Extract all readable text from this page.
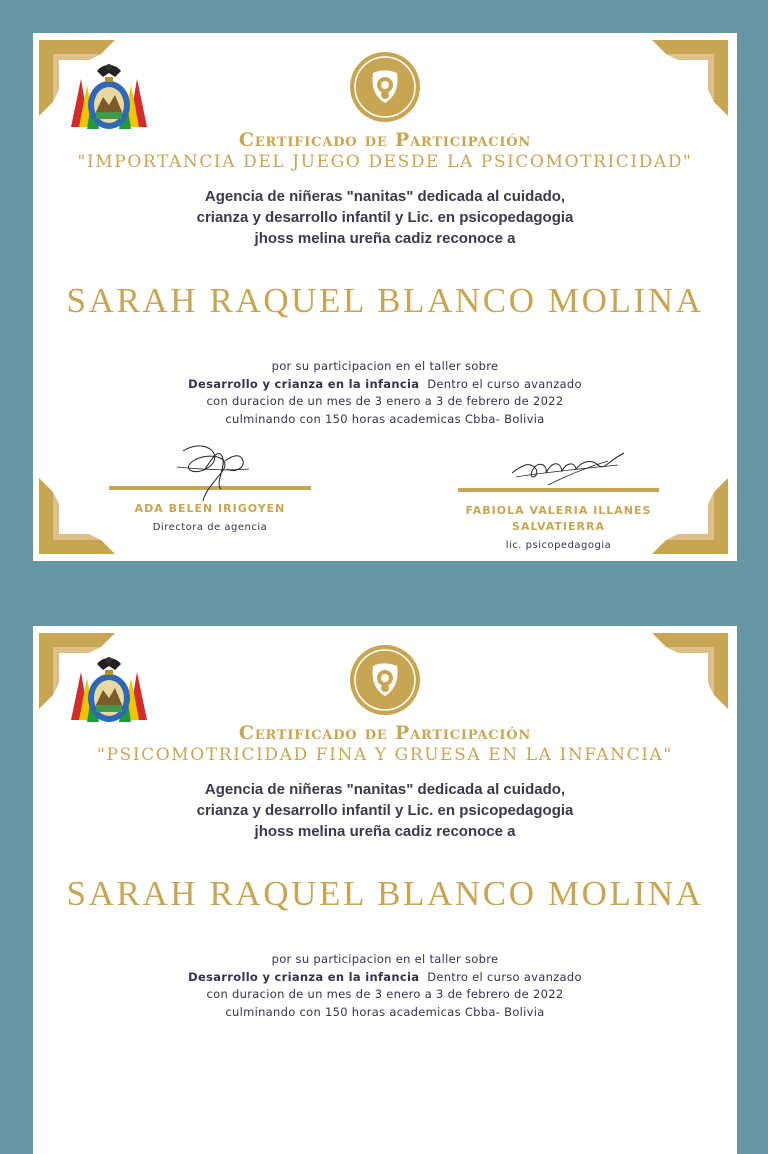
Certificado de Participación
"IMPORTANCIA DEL JUEGO DESDE LA PSICOMOTRICIDAD"
Agencia de niñeras "nanitas" dedicada al cuidado,
crianza y desarrollo infantil y Lic. en psicopedagogia
jhoss melina ureña cadiz reconoce a
SARAH RAQUEL BLANCO MOLINA
por su participacion en el taller sobre
Desarrollo y crianza en la infancia  Dentro el curso avanzado
con duracion de un mes de 3 enero a 3 de febrero de 2022
culminando con 150 horas academicas Cbba- Bolivia
ADA BELEN IRIGOYEN
Directora de agencia
FABIOLA VALERIA ILLANES SALVATIERRA
lic. psicopedagogia
Certificado de Participación
"PSICOMOTRICIDAD FINA Y GRUESA EN LA INFANCIA"
Agencia de niñeras "nanitas" dedicada al cuidado,
crianza y desarrollo infantil y Lic. en psicopedagogia
jhoss melina ureña cadiz reconoce a
SARAH RAQUEL BLANCO MOLINA
por su participacion en el taller sobre
Desarrollo y crianza en la infancia  Dentro el curso avanzado
con duracion de un mes de 3 enero a 3 de febrero de 2022
culminando con 150 horas academicas Cbba- Bolivia
